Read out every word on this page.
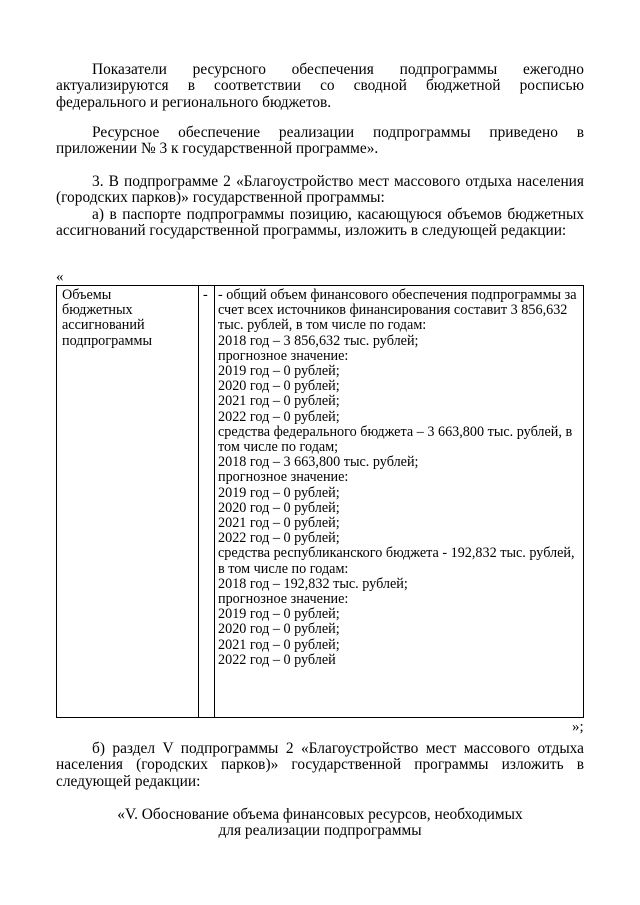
Показатели ресурсного обеспечения подпрограммы ежегодно актуализируются в соответствии со сводной бюджетной росписью федерального и регионального бюджетов.
Ресурсное обеспечение реализации подпрограммы приведено в приложении № 3 к государственной программе».
3. В подпрограмме 2 «Благоустройство мест массового отдыха населения (городских парков)» государственной программы:
а) в паспорте подпрограммы позицию, касающуюся объемов бюджетных ассигнований государственной программы, изложить в следующей редакции:
«
Объемы
бюджетных
ассигнований
подпрограммы
- - общий объем финансового обеспечения подпрограммы за
счет всех источников финансирования составит 3 856,632
тыс. рублей, в том числе по годам:
2018 год – 3 856,632 тыс. рублей;
прогнозное значение:
2019 год – 0 рублей;
2020 год – 0 рублей;
2021 год – 0 рублей;
2022 год – 0 рублей;
средства федерального бюджета – 3 663,800 тыс. рублей, в
том числе по годам;
2018 год – 3 663,800 тыс. рублей;
прогнозное значение:
2019 год – 0 рублей;
2020 год – 0 рублей;
2021 год – 0 рублей;
2022 год – 0 рублей;
средства республиканского бюджета - 192,832 тыс. рублей,
в том числе по годам:
2018 год – 192,832 тыс. рублей;
прогнозное значение:
2019 год – 0 рублей;
2020 год – 0 рублей;
2021 год – 0 рублей;
2022 год – 0 рублей
»;
б) раздел V подпрограммы 2 «Благоустройство мест массового отдыха населения (городских парков)» государственной программы изложить в следующей редакции:
«V. Обоснование объема финансовых ресурсов, необходимых
для реализации подпрограммы
